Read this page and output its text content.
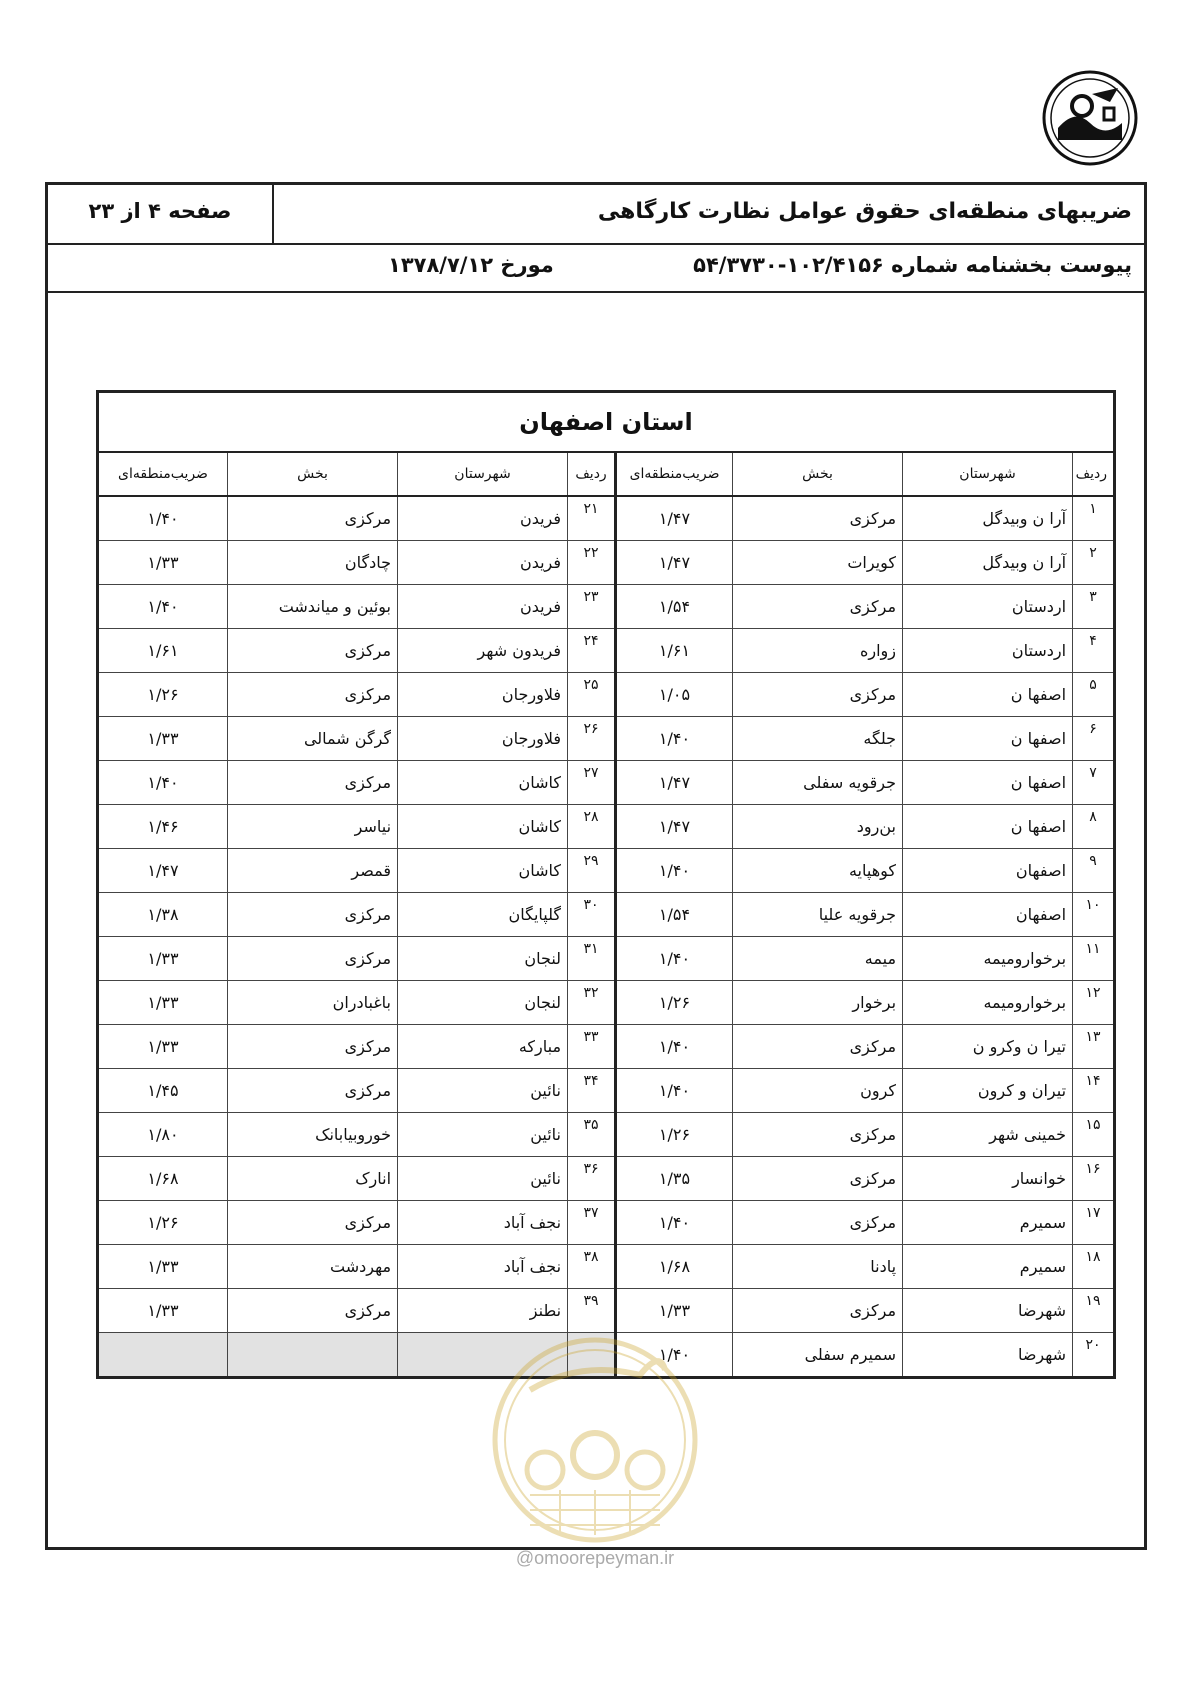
صفحه ۴ از ۲۳	ضریبهای منطقه‌ای حقوق عوامل نظارت کارگاهی
پیوست بخشنامه شماره ۱۰۲/۴۱۵۶-۵۴/۳۷۳۰
مورخ ۱۳۷۸/۷/۱۲
استان اصفهان							
ردیف	شهرستان	بخش	ضریب‌منطقه‌ای	ردیف	شهرستان	بخش	ضریب‌منطقه‌ای
۱	آرا ن وبیدگل	مرکزی	۱/۴۷	۲۱	فریدن	مرکزی	۱/۴۰
۲	آرا ن وبیدگل	کویرات	۱/۴۷	۲۲	فریدن	چادگان	۱/۳۳
۳	اردستان	مرکزی	۱/۵۴	۲۳	فریدن	بوئین و میاندشت	۱/۴۰
۴	اردستان	زواره	۱/۶۱	۲۴	فریدون شهر	مرکزی	۱/۶۱
۵	اصفها ن	مرکزی	۱/۰۵	۲۵	فلاورجان	مرکزی	۱/۲۶
۶	اصفها ن	جلگه	۱/۴۰	۲۶	فلاورجان	گرگن شمالی	۱/۳۳
۷	اصفها ن	جرقویه سفلی	۱/۴۷	۲۷	کاشان	مرکزی	۱/۴۰
۸	اصفها ن	بن‌رود	۱/۴۷	۲۸	کاشان	نیاسر	۱/۴۶
۹	اصفهان	کوهپایه	۱/۴۰	۲۹	کاشان	قمصر	۱/۴۷
۱۰	اصفهان	جرقویه علیا	۱/۵۴	۳۰	گلپایگان	مرکزی	۱/۳۸
۱۱	برخوارومیمه	میمه	۱/۴۰	۳۱	لنجان	مرکزی	۱/۳۳
۱۲	برخوارومیمه	برخوار	۱/۲۶	۳۲	لنجان	باغبادران	۱/۳۳
۱۳	تیرا ن وکرو ن	مرکزی	۱/۴۰	۳۳	مبارکه	مرکزی	۱/۳۳
۱۴	تیران و کرون	کرون	۱/۴۰	۳۴	نائین	مرکزی	۱/۴۵
۱۵	خمینی شهر	مرکزی	۱/۲۶	۳۵	نائین	خوروبیابانک	۱/۸۰
۱۶	خوانسار	مرکزی	۱/۳۵	۳۶	نائین	انارک	۱/۶۸
۱۷	سمیرم	مرکزی	۱/۴۰	۳۷	نجف آباد	مرکزی	۱/۲۶
۱۸	سمیرم	پادنا	۱/۶۸	۳۸	نجف آباد	مهردشت	۱/۳۳
۱۹	شهرضا	مرکزی	۱/۳۳	۳۹	نطنز	مرکزی	۱/۳۳
۲۰	شهرضا	سمیرم سفلی	۱/۴۰				
@omoorepeyman.ir
